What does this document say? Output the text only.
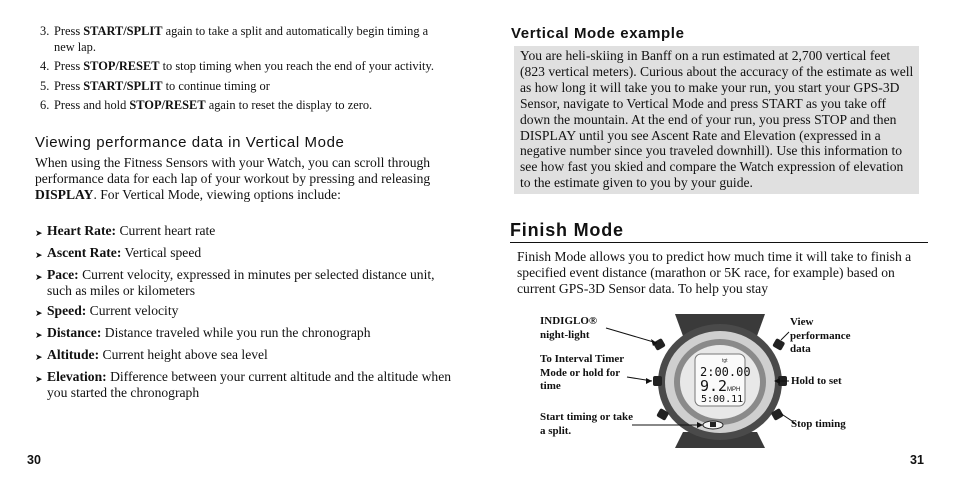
3. Press START/SPLIT again to take a split and automatically begin timing a new lap.
4. Press STOP/RESET to stop timing when you reach the end of your activity.
5. Press START/SPLIT to continue timing or
6. Press and hold STOP/RESET again to reset the display to zero.
Viewing performance data in Vertical Mode
When using the Fitness Sensors with your Watch, you can scroll through performance data for each lap of your workout by pressing and releasing DISPLAY. For Vertical Mode, viewing options include:
➤ Heart Rate: Current heart rate
➤ Ascent Rate: Vertical speed
➤ Pace: Current velocity, expressed in minutes per selected distance unit, such as miles or kilometers
➤ Speed: Current velocity
➤ Distance: Distance traveled while you run the chronograph
➤ Altitude: Current height above sea level
➤ Elevation: Difference between your current altitude and the altitude when you started the chronograph
30
Vertical Mode example
You are heli-skiing in Banff on a run estimated at 2,700 vertical feet (823 vertical meters). Curious about the accuracy of the estimate as well as how long it will take you to make your run, you start your GPS-3D Sensor, navigate to Vertical Mode and press START as you take off down the mountain. At the end of your run, you press STOP and then DISPLAY until you see Ascent Rate and Elevation (expressed in a negative number since you traveled downhill). Use this information to see how fast you skied and compare the Watch expression of elevation to the estimate given to you by your guide.
Finish Mode
Finish Mode allows you to predict how much time it will take to finish a specified event distance (marathon or 5K race, for example) based on current GPS-3D Sensor data. To help you stay
tgt
2:00.00
9.2 MPH
5:00.11
INDIGLO® night-light
To Interval Timer Mode or hold for time
Start timing or take a split.
View performance data
Hold to set
Stop timing
31
